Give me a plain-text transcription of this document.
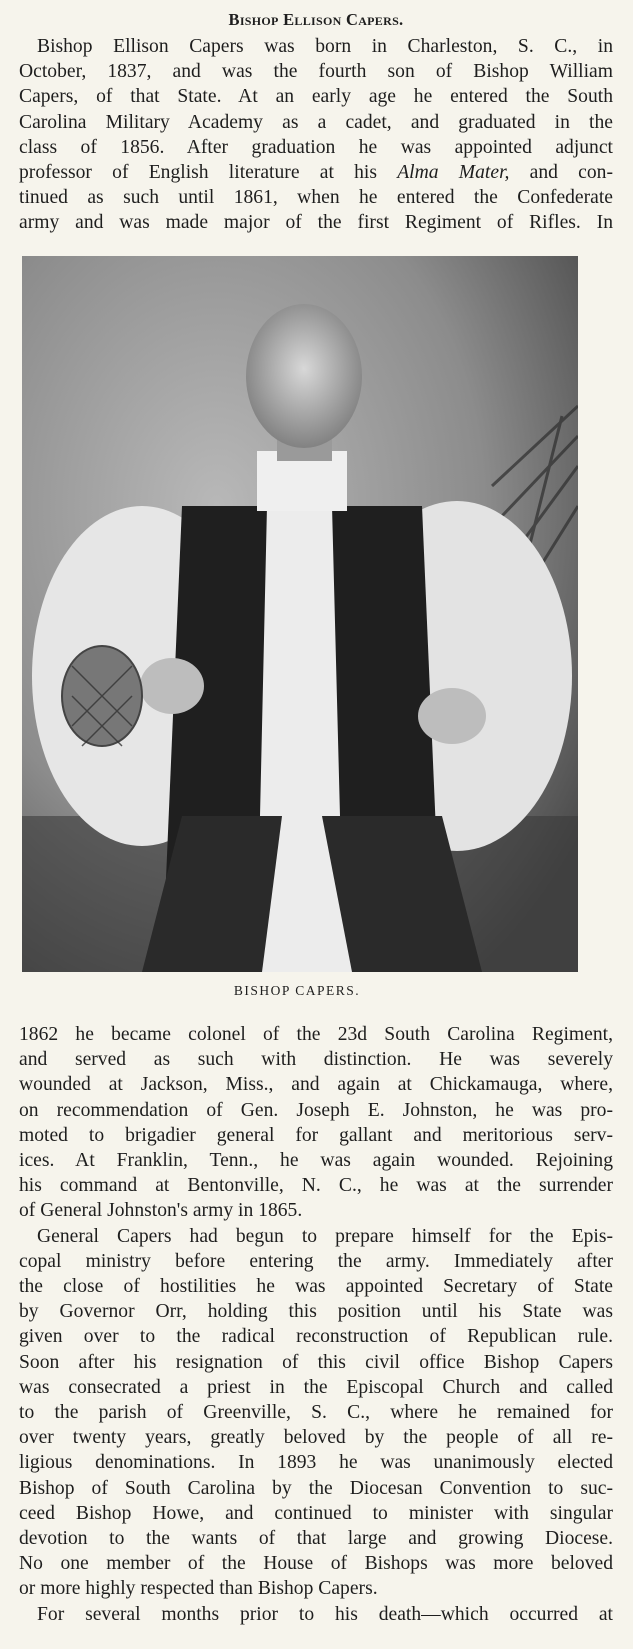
Bishop Ellison Capers.

Bishop Ellison Capers was born in Charleston, S. C., in

October, 1837, and was the fourth son of Bishop William

Capers, of that State. At an early age he entered the South

Carolina Military Academy as a cadet, and graduated in the

class of 1856. After graduation he was appointed adjunct

professor of English literature at his Alma Mater, and con-

tinued as such until 1861, when he entered the Confederate

army and was made major of the first Regiment of Rifles. In

BISHOP CAPERS.

1862 he became colonel of the 23d South Carolina Regiment,

and served as such with distinction. He was severely

wounded at Jackson, Miss., and again at Chickamauga, where,

on recommendation of Gen. Joseph E. Johnston, he was pro-

moted to brigadier general for gallant and meritorious serv-

ices. At Franklin, Tenn., he was again wounded. Rejoining

his command at Bentonville, N. C., he was at the surrender

of General Johnston's army in 1865.

General Capers had begun to prepare himself for the Epis-

copal ministry before entering the army. Immediately after

the close of hostilities he was appointed Secretary of State

by Governor Orr, holding this position until his State was

given over to the radical reconstruction of Republican rule.

Soon after his resignation of this civil office Bishop Capers

was consecrated a priest in the Episcopal Church and called

to the parish of Greenville, S. C., where he remained for

over twenty years, greatly beloved by the people of all re-

ligious denominations. In 1893 he was unanimously elected

Bishop of South Carolina by the Diocesan Convention to suc-

ceed Bishop Howe, and continued to minister with singular

devotion to the wants of that large and growing Diocese.

No one member of the House of Bishops was more beloved

or more highly respected than Bishop Capers.

For several months prior to his death—which occurred at
